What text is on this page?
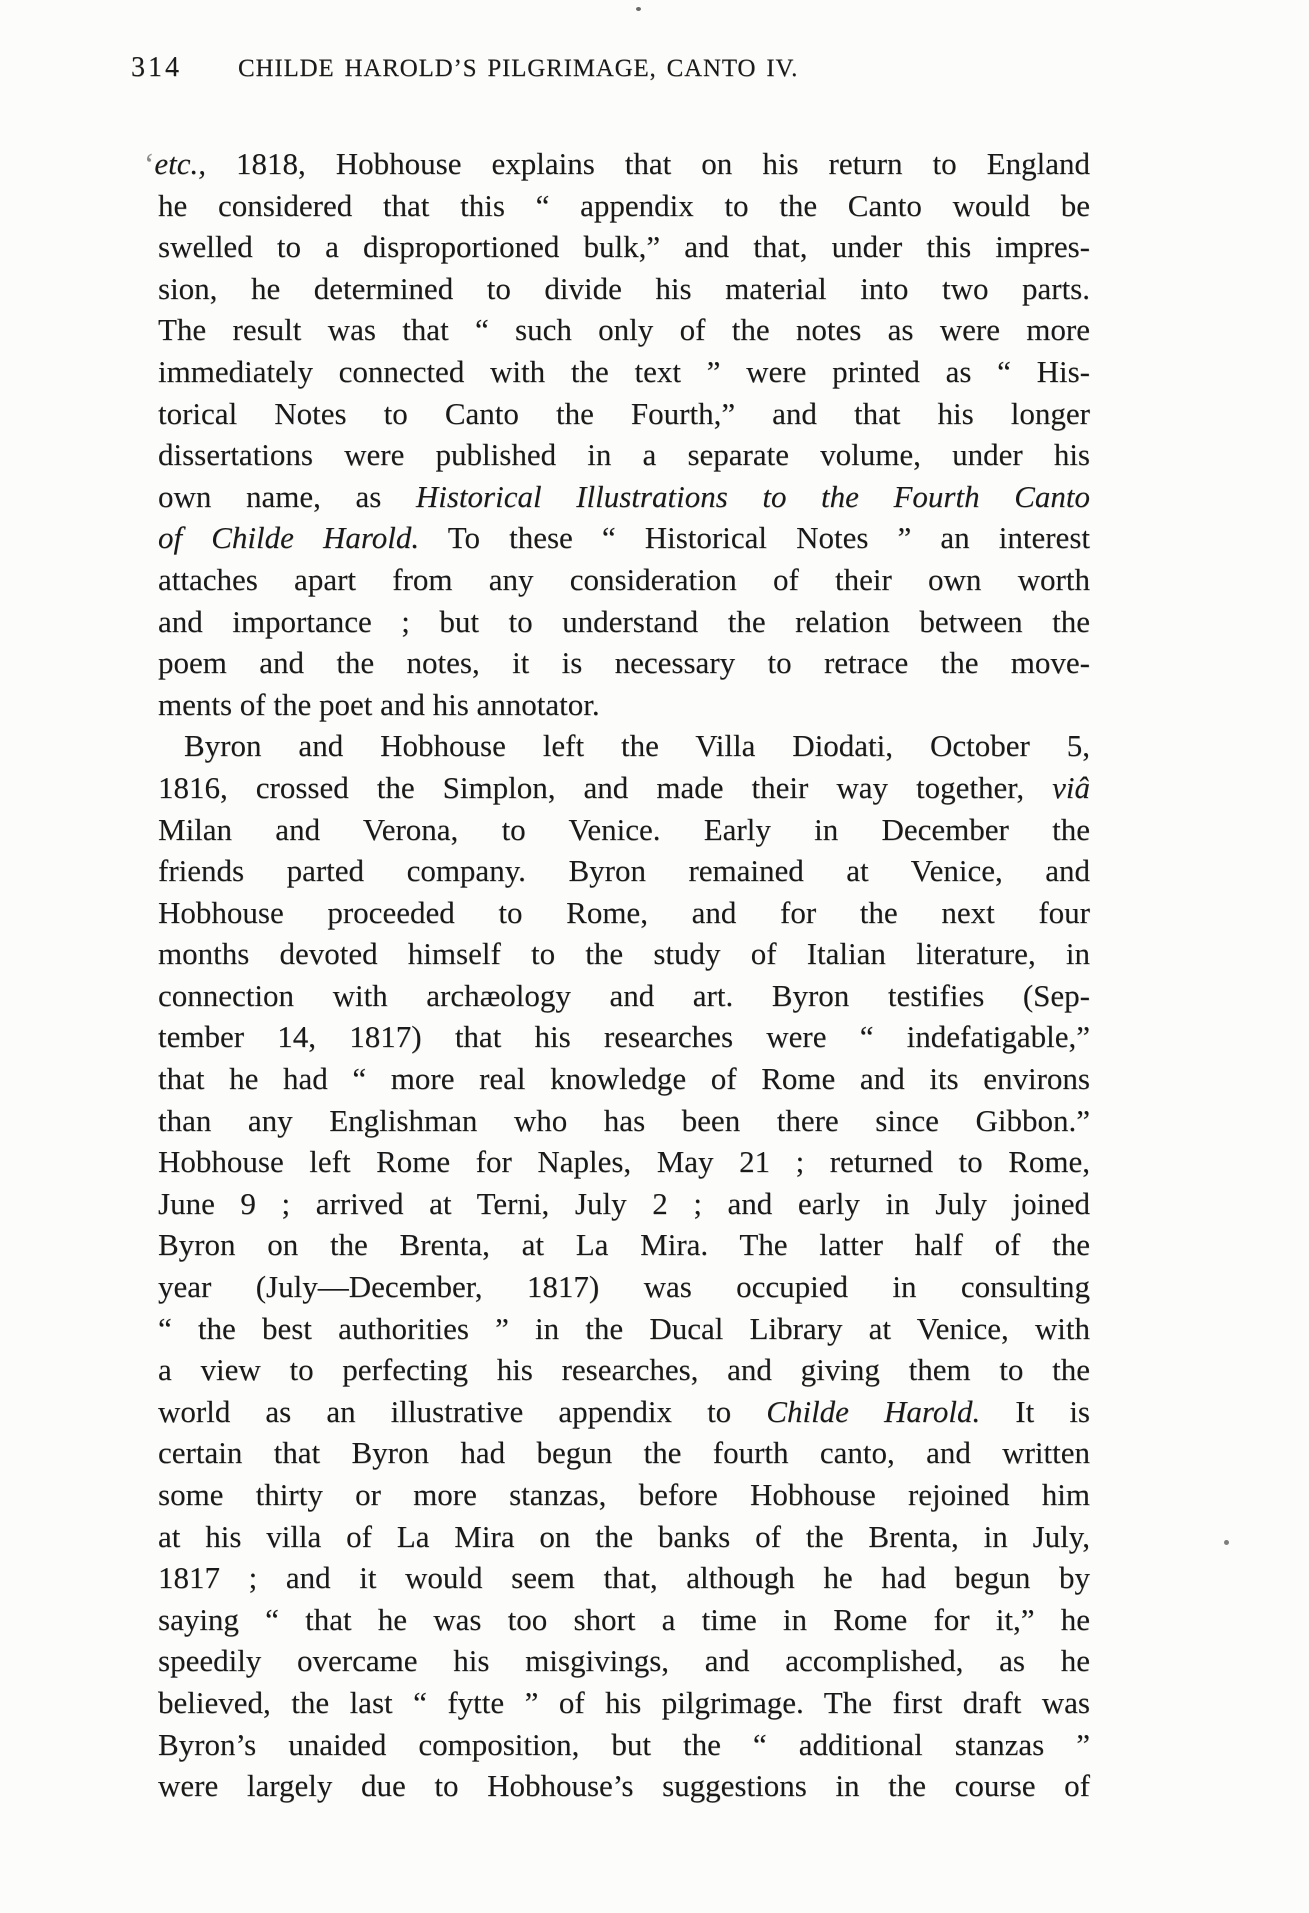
314 CHILDE HAROLD’S PILGRIMAGE, CANTO IV.
‘etc., 1818, Hobhouse explains that on his return to England
he considered that this “ appendix to the Canto would be
swelled to a disproportioned bulk,” and that, under this impres-
sion, he determined to divide his material into two parts.
The result was that “ such only of the notes as were more
immediately connected with the text ” were printed as “ His-
torical Notes to Canto the Fourth,” and that his longer
dissertations were published in a separate volume, under his
own name, as Historical Illustrations to the Fourth Canto
of Childe Harold. To these “ Historical Notes ” an interest
attaches apart from any consideration of their own worth
and importance ; but to understand the relation between the
poem and the notes, it is necessary to retrace the move-
ments of the poet and his annotator.
Byron and Hobhouse left the Villa Diodati, October 5,
1816, crossed the Simplon, and made their way together, viâ
Milan and Verona, to Venice. Early in December the
friends parted company. Byron remained at Venice, and
Hobhouse proceeded to Rome, and for the next four
months devoted himself to the study of Italian literature, in
connection with archæology and art. Byron testifies (Sep-
tember 14, 1817) that his researches were “ indefatigable,”
that he had “ more real knowledge of Rome and its environs
than any Englishman who has been there since Gibbon.”
Hobhouse left Rome for Naples, May 21 ; returned to Rome,
June 9 ; arrived at Terni, July 2 ; and early in July joined
Byron on the Brenta, at La Mira. The latter half of the
year (July—December, 1817) was occupied in consulting
“ the best authorities ” in the Ducal Library at Venice, with
a view to perfecting his researches, and giving them to the
world as an illustrative appendix to Childe Harold. It is
certain that Byron had begun the fourth canto, and written
some thirty or more stanzas, before Hobhouse rejoined him
at his villa of La Mira on the banks of the Brenta, in July,
1817 ; and it would seem that, although he had begun by
saying “ that he was too short a time in Rome for it,” he
speedily overcame his misgivings, and accomplished, as he
believed, the last “ fytte ” of his pilgrimage. The first draft was
Byron’s unaided composition, but the “ additional stanzas ”
were largely due to Hobhouse’s suggestions in the course of
